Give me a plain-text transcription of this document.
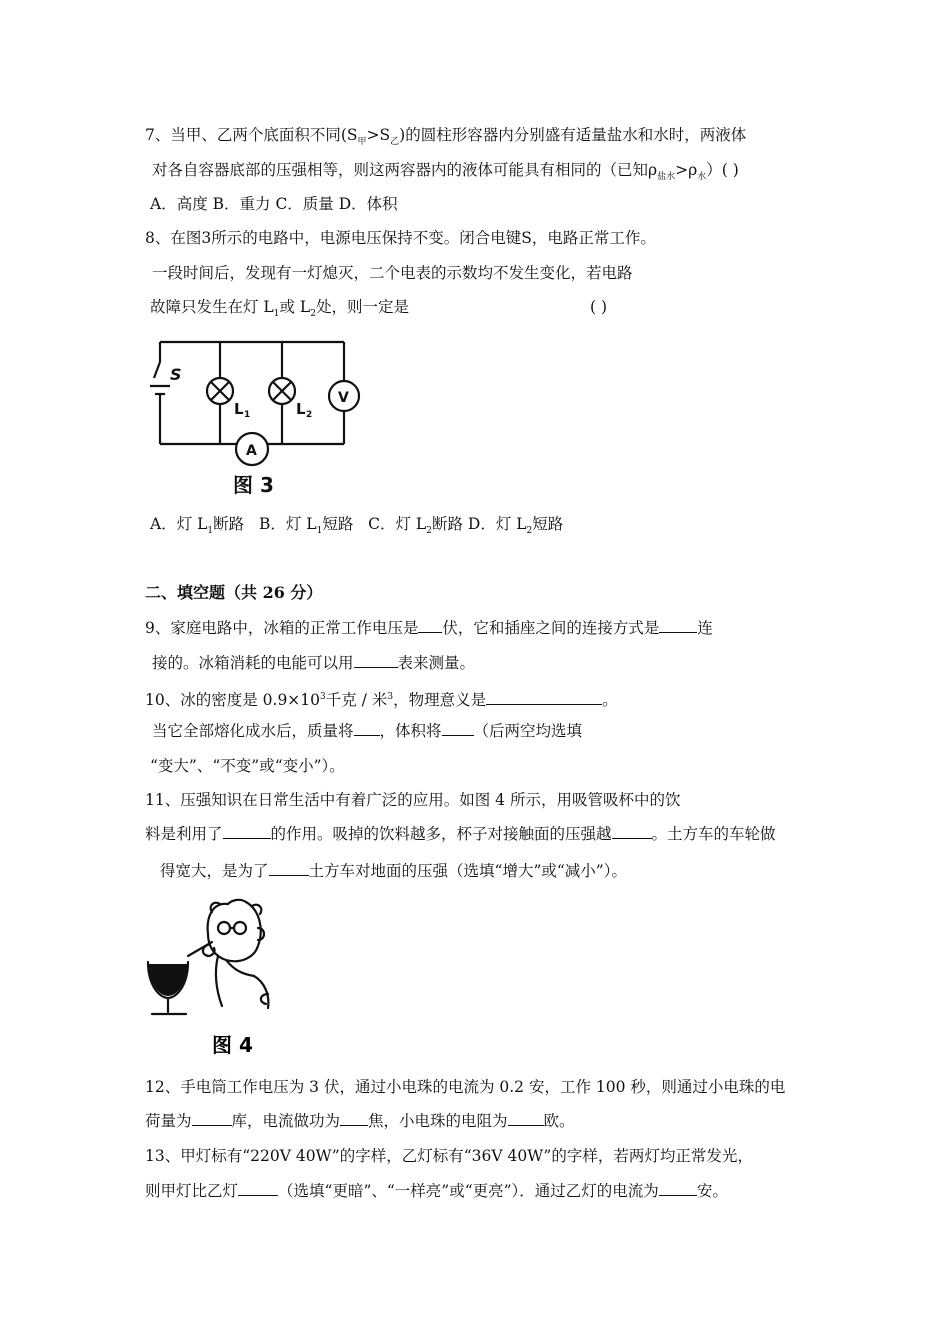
7、当甲、乙两个底面积不同$(S_甲>S_乙)$的圆柱形容器内分别盛有适量盐水和水时，两液体
对各自容器底部的压强相等，则这两容器内的液体可能具有相同的（已知$\rho_{盐水}>\rho_水$）( )
A．高度 B．重力 C．质量 D．体积
8、在图3所示的电路中，电源电压保持不变。闭合电键S，电路正常工作。
一段时间后，发现有一灯熄灭，二个电表的示数均不发生变化，若电路
故障只发生在灯 $L_1$或 $L_2$处，则一定是	( )
S
L 1	L 2
V
A
图 3
A．灯 $L_1$断路 B．灯 $L_1$短路 C．灯 $L_2$断路 D．灯 $L_2$短路
二、填空题（共 26 分）
9、家庭电路中，冰箱的正常工作电压是 伏，它和插座之间的连接方式是 连
接的。冰箱消耗的电能可以用	表来测量。
10、冰的密度是 $0.9\times 10^3$千克 / 米$^3$，物理意义是	。
当它全部熔化成水后，质量将 ，体积将 （后两空均选填
“变大”、“不变”或“变小”）。
11、压强知识在日常生活中有着广泛的应用。如图 4 所示，用吸管吸杯中的饮
料是利用了	的作用。吸掉的饮料越多，杯子对接触面的压强越	。土方车的车轮做
得宽大，是为了	土方车对地面的压强（选填“增大”或“减小”）。
图 4
12、手电筒工作电压为 3 伏，通过小电珠的电流为 0.2 安，工作 100 秒，则通过小电珠的电
荷量为	库，电流做功为 焦，小电珠的电阻为 欧。
13、甲灯标有“220V 40W”的字样，乙灯标有“36V 40W”的字样，若两灯均正常发光，
则甲灯比乙灯	（选填“更暗”、“一样亮”或“更亮”）．通过乙灯的电流为 安。
